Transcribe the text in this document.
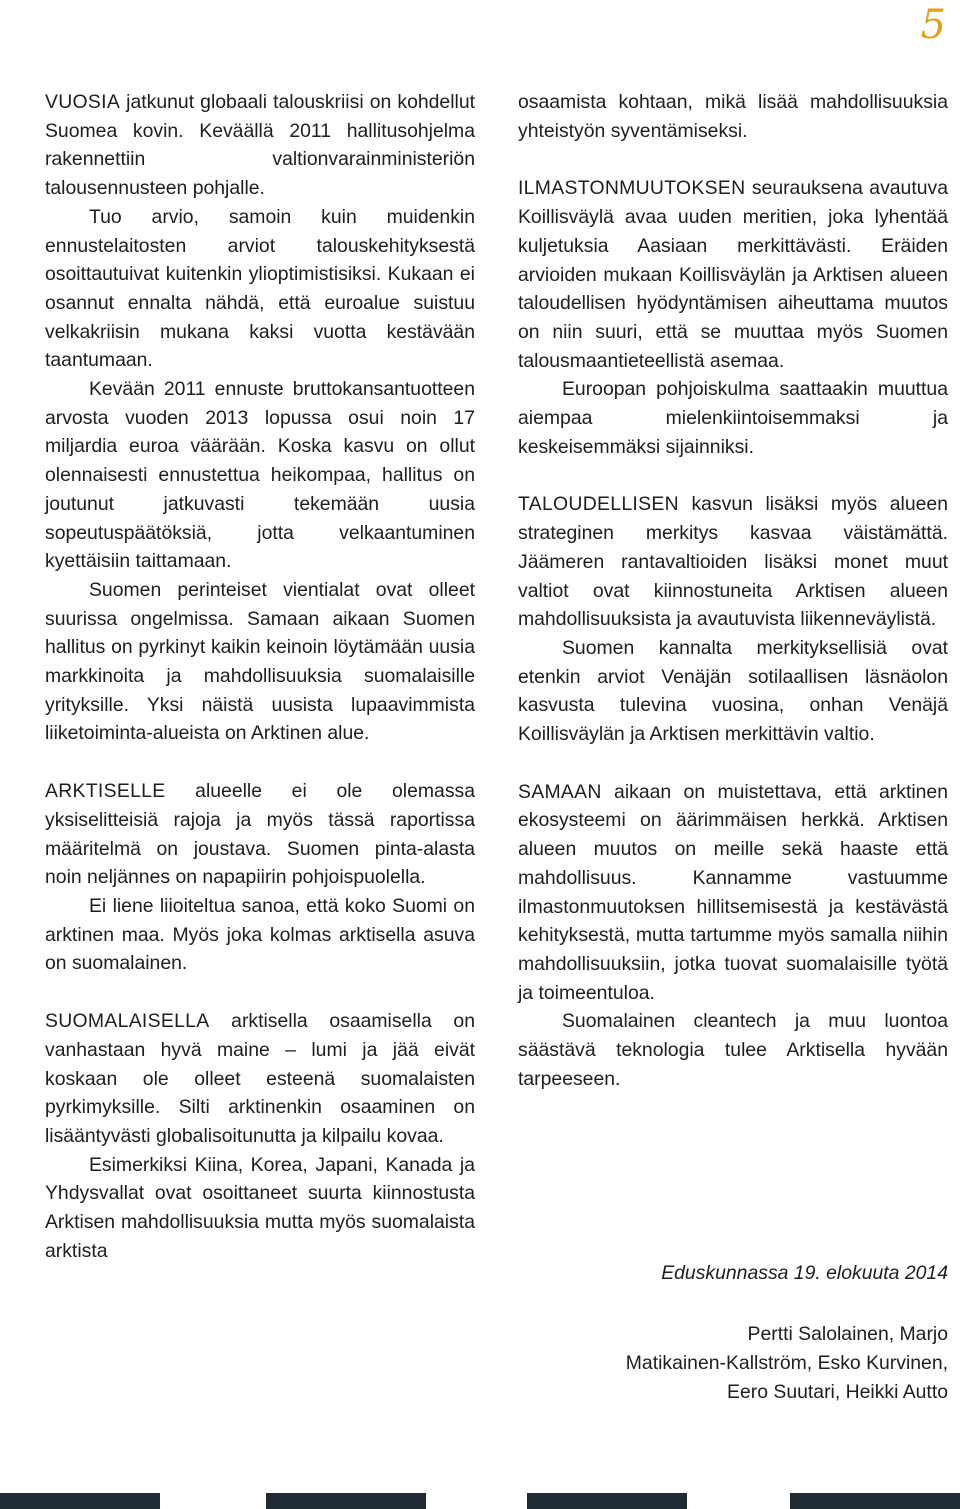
5

VUOSIA jatkunut globaali talouskriisi on kohdellut Suomea kovin. Keväällä 2011 hallitusohjelma rakennettiin valtionvarainministeriön talousennusteen pohjalle.

Tuo arvio, samoin kuin muidenkin ennustelaitosten arviot talouskehityksestä osoittautuivat kuitenkin ylioptimistisiksi. Kukaan ei osannut ennalta nähdä, että euroalue suistuu velkakriisin mukana kaksi vuotta kestävään taantumaan.

Kevään 2011 ennuste bruttokansantuotteen arvosta vuoden 2013 lopussa osui noin 17 miljardia euroa väärään. Koska kasvu on ollut olennaisesti ennustettua heikompaa, hallitus on joutunut jatkuvasti tekemään uusia sopeutuspäätöksiä, jotta velkaantuminen kyettäisiin taittamaan.

Suomen perinteiset vientialat ovat olleet suurissa ongelmissa. Samaan aikaan Suomen hallitus on pyrkinyt kaikin keinoin löytämään uusia markkinoita ja mahdollisuuksia suomalaisille yrityksille. Yksi näistä uusista lupaavimmista liiketoiminta-alueista on Arktinen alue.

ARKTISELLE alueelle ei ole olemassa yksiselitteisiä rajoja ja myös tässä raportissa määritelmä on joustava. Suomen pinta-alasta noin neljännes on napapiirin pohjoispuolella.

Ei liene liioiteltua sanoa, että koko Suomi on arktinen maa. Myös joka kolmas arktisella asuva on suomalainen.

SUOMALAISELLA arktisella osaamisella on vanhastaan hyvä maine – lumi ja jää eivät koskaan ole olleet esteenä suomalaisten pyrkimyksille. Silti arktinenkin osaaminen on lisääntyvästi globalisoitunutta ja kilpailu kovaa.

Esimerkiksi Kiina, Korea, Japani, Kanada ja Yhdysvallat ovat osoittaneet suurta kiinnostusta Arktisen mahdollisuuksia mutta myös suomalaista arktista

osaamista kohtaan, mikä lisää mahdollisuuksia yhteistyön syventämiseksi.

ILMASTONMUUTOKSEN seurauksena avautuva Koillisväylä avaa uuden meritien, joka lyhentää kuljetuksia Aasiaan merkittävästi. Eräiden arvioiden mukaan Koillisväylän ja Arktisen alueen taloudellisen hyödyntämisen aiheuttama muutos on niin suuri, että se muuttaa myös Suomen talousmaantieteellistä asemaa.

Euroopan pohjoiskulma saattaakin muuttua aiempaa mielenkiintoisemmaksi ja keskeisemmäksi sijainniksi.

TALOUDELLISEN kasvun lisäksi myös alueen strateginen merkitys kasvaa väistämättä. Jäämeren rantavaltioiden lisäksi monet muut valtiot ovat kiinnostuneita Arktisen alueen mahdollisuuksista ja avautuvista liikenneväylistä.

Suomen kannalta merkityksellisiä ovat etenkin arviot Venäjän sotilaallisen läsnäolon kasvusta tulevina vuosina, onhan Venäjä Koillisväylän ja Arktisen merkittävin valtio.

SAMAAN aikaan on muistettava, että arktinen ekosysteemi on äärimmäisen herkkä. Arktisen alueen muutos on meille sekä haaste että mahdollisuus. Kannamme vastuumme ilmastonmuutoksen hillitsemisestä ja kestävästä kehityksestä, mutta tartumme myös samalla niihin mahdollisuuksiin, jotka tuovat suomalaisille työtä ja toimeentuloa.

Suomalainen cleantech ja muu luontoa säästävä teknologia tulee Arktisella hyvään tarpeeseen.

Eduskunnassa 19. elokuuta 2014

Pertti Salolainen, Marjo
Matikainen-Kallström, Esko Kurvinen,
Eero Suutari, Heikki Autto
